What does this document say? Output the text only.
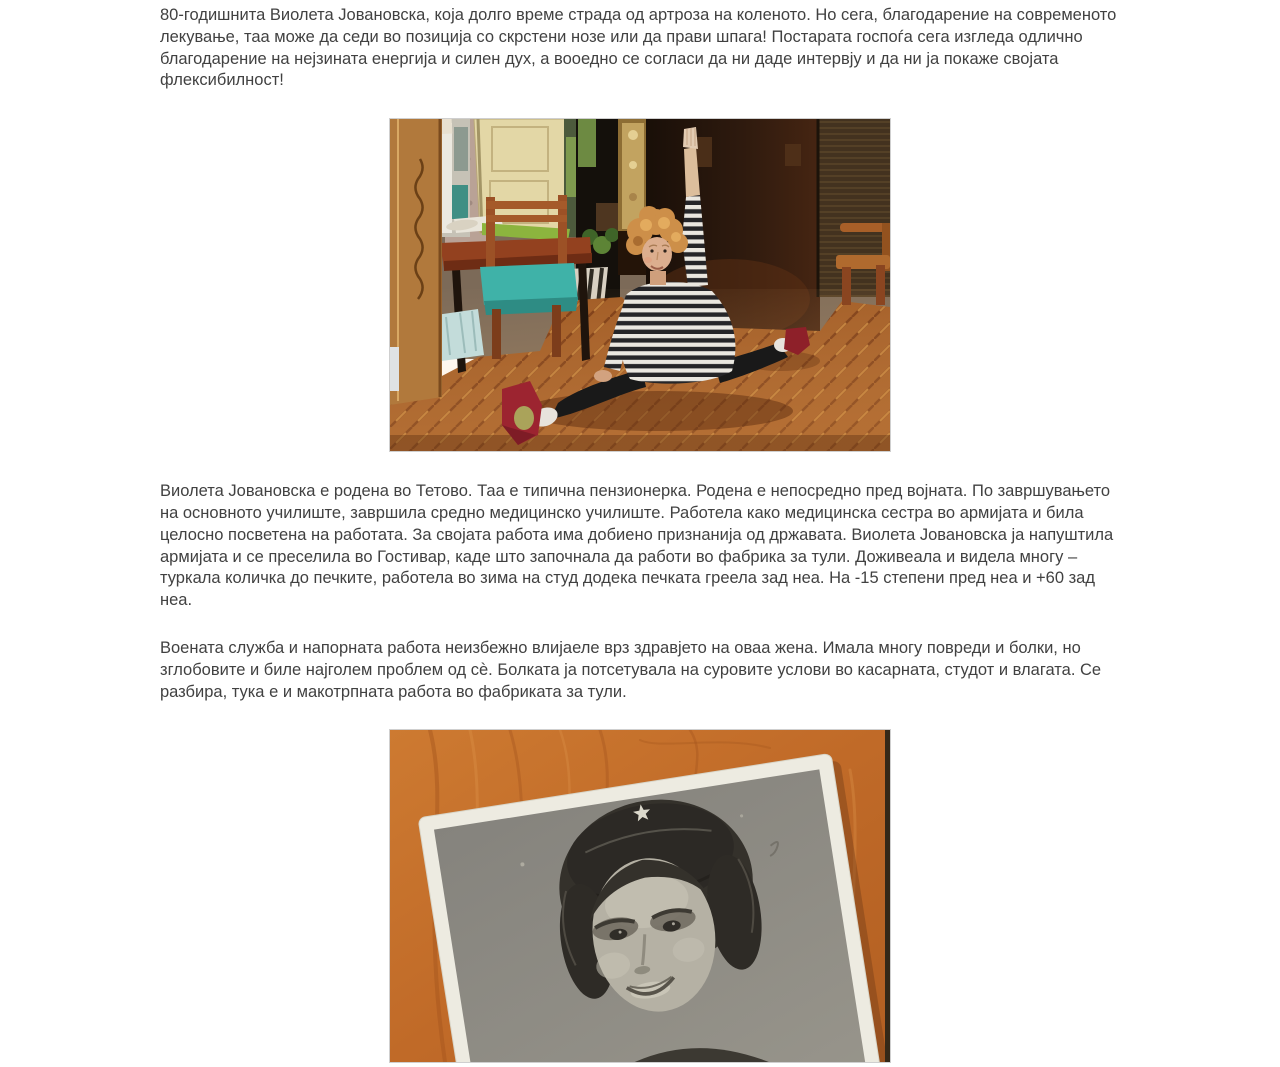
80-годишнита Виолета Јовановска, која долго време страда од артроза на коленото. Но сега, благодарение на современото лекување, таа може да седи во позиција со скрстени нозе или да прави шпага! Постарата госпоѓа сега изгледа одлично благодарение на нејзината енергија и силен дух, а вооедно се согласи да ни даде интервју и да ни ја покаже својата флексибилност!

Виолета Јовановска е родена во Тетово. Таа е типична пензионерка. Родена е непосредно пред војната. По завршувањето на основното училиште, завршила средно медицинско училиште. Работела како медицинска сестра во армијата и била целосно посветена на работата. За својата работа има добиено признанија од државата. Виолета Јовановска ја напуштила армијата и се преселила во Гостивар, каде што започнала да работи во фабрика за тули. Доживеала и видела многу – туркала количка до печките, работела во зима на студ додека печката греела зад неа. На -15 степени пред неа и +60 зад неа.

Воената служба и напорната работа неизбежно влијаеле врз здравјето на оваа жена. Имала многу повреди и болки, но зглобовите и биле најголем проблем од сѐ. Болката ја потсетувала на суровите услови во касарната, студот и влагата. Се разбира, тука е и макотрпната работа во фабриката за тули.
